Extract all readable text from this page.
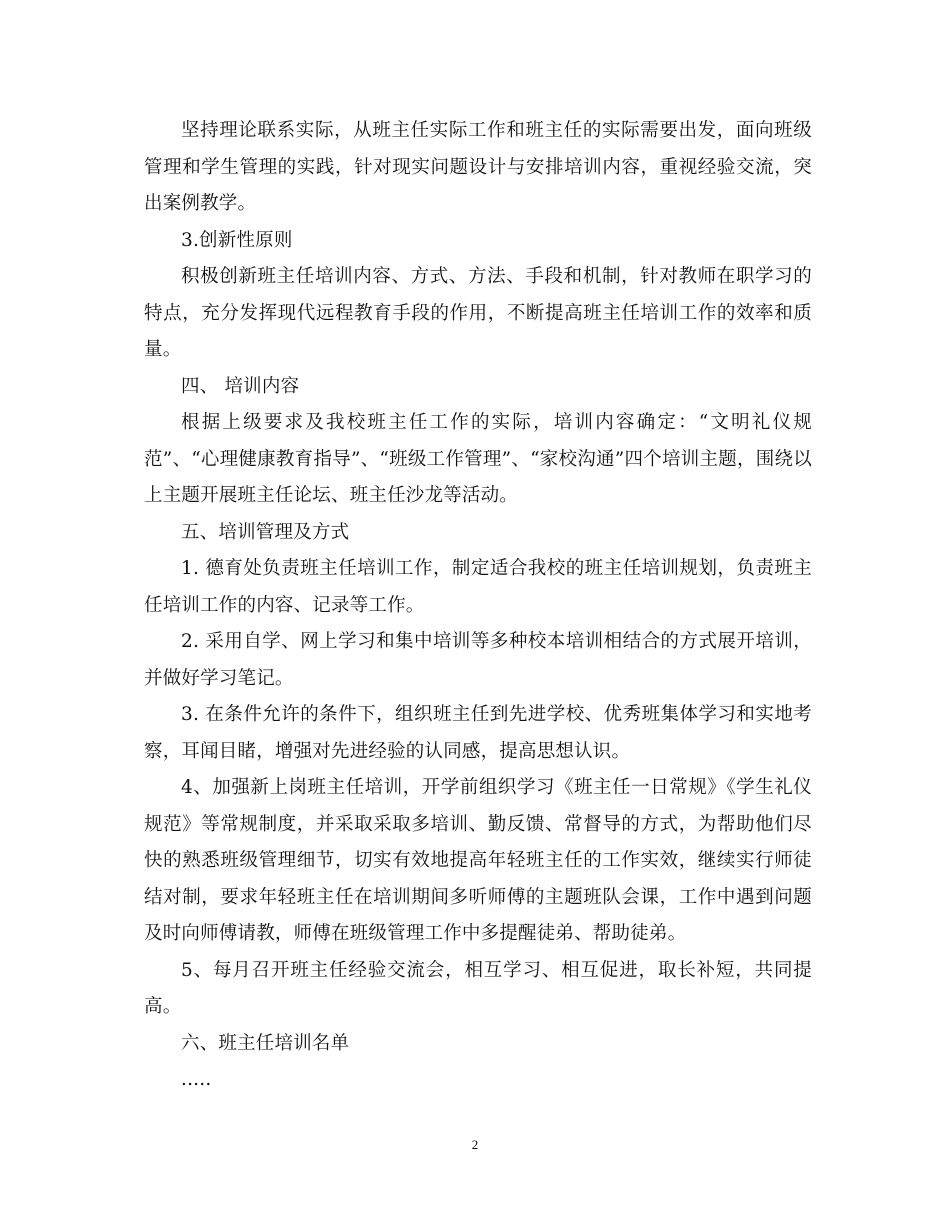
坚持理论联系实际，从班主任实际工作和班主任的实际需要出发，面向班级管理和学生管理的实践，针对现实问题设计与安排培训内容，重视经验交流，突出案例教学。

3.创新性原则

积极创新班主任培训内容、方式、方法、手段和机制，针对教师在职学习的特点，充分发挥现代远程教育手段的作用，不断提高班主任培训工作的效率和质量。

四、 培训内容

根据上级要求及我校班主任工作的实际，培训内容确定：“文明礼仪规范”、“心理健康教育指导”、“班级工作管理”、“家校沟通”四个培训主题，围绕以上主题开展班主任论坛、班主任沙龙等活动。

五、培训管理及方式

1. 德育处负责班主任培训工作，制定适合我校的班主任培训规划，负责班主任培训工作的内容、记录等工作。

2. 采用自学、网上学习和集中培训等多种校本培训相结合的方式展开培训，并做好学习笔记。

3. 在条件允许的条件下，组织班主任到先进学校、优秀班集体学习和实地考察，耳闻目睹，增强对先进经验的认同感，提高思想认识。

4、加强新上岗班主任培训，开学前组织学习《班主任一日常规》《学生礼仪规范》等常规制度，并采取采取多培训、勤反馈、常督导的方式，为帮助他们尽快的熟悉班级管理细节，切实有效地提高年轻班主任的工作实效，继续实行师徒结对制，要求年轻班主任在培训期间多听师傅的主题班队会课，工作中遇到问题及时向师傅请教，师傅在班级管理工作中多提醒徒弟、帮助徒弟。

5、每月召开班主任经验交流会，相互学习、相互促进，取长补短，共同提高。

六、班主任培训名单

.....

2
